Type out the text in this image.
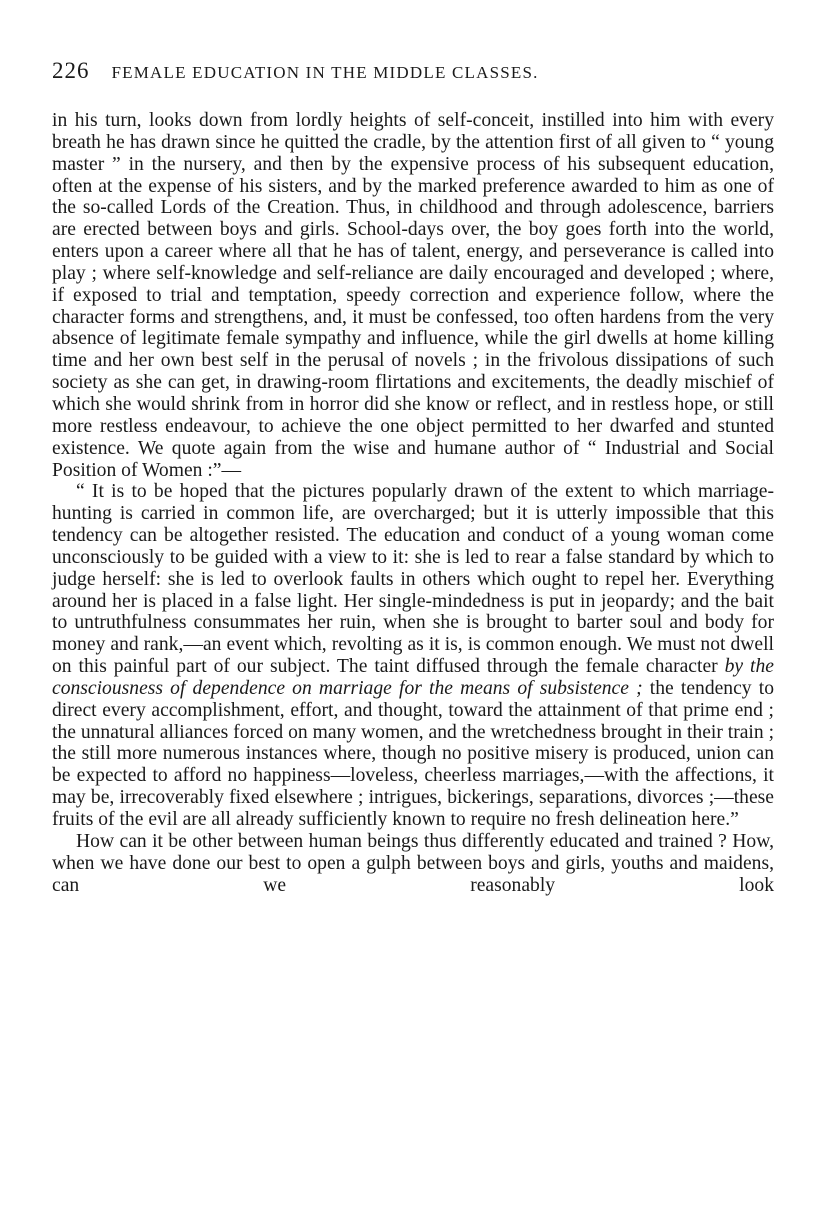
226 FEMALE EDUCATION IN THE MIDDLE CLASSES.

in his turn, looks down from lordly heights of self-conceit, instilled into him with every breath he has drawn since he quitted the cradle, by the attention first of all given to “ young master ” in the nursery, and then by the expensive process of his subsequent education, often at the expense of his sisters, and by the marked preference awarded to him as one of the so-called Lords of the Creation. Thus, in childhood and through adolescence, barriers are erected between boys and girls. School-days over, the boy goes forth into the world, enters upon a career where all that he has of talent, energy, and perseverance is called into play ; where self-knowledge and self-reliance are daily encouraged and developed ; where, if exposed to trial and temptation, speedy correction and experience follow, where the character forms and strengthens, and, it must be confessed, too often hardens from the very absence of legitimate female sympathy and influence, while the girl dwells at home killing time and her own best self in the perusal of novels ; in the frivolous dissipations of such society as she can get, in drawing-room flirtations and excitements, the deadly mischief of which she would shrink from in horror did she know or reflect, and in restless hope, or still more restless endeavour, to achieve the one object permitted to her dwarfed and stunted existence. We quote again from the wise and humane author of “ Industrial and Social Position of Women :”—

“ It is to be hoped that the pictures popularly drawn of the extent to which marriage-hunting is carried in common life, are overcharged; but it is utterly impossible that this tendency can be altogether resisted. The education and conduct of a young woman come unconsciously to be guided with a view to it: she is led to rear a false standard by which to judge herself: she is led to overlook faults in others which ought to repel her. Everything around her is placed in a false light. Her single-mindedness is put in jeopardy; and the bait to untruthfulness consummates her ruin, when she is brought to barter soul and body for money and rank,—an event which, revolting as it is, is common enough. We must not dwell on this painful part of our subject. The taint diffused through the female character by the consciousness of dependence on marriage for the means of subsistence ; the tendency to direct every accomplishment, effort, and thought, toward the attainment of that prime end ; the unnatural alliances forced on many women, and the wretchedness brought in their train ; the still more numerous instances where, though no positive misery is produced, union can be expected to afford no happiness—loveless, cheerless marriages,—with the affections, it may be, irrecoverably fixed elsewhere ; intrigues, bickerings, separations, divorces ;—these fruits of the evil are all already sufficiently known to require no fresh delineation here.”

How can it be other between human beings thus differently educated and trained ? How, when we have done our best to open a gulph between boys and girls, youths and maidens, can we reasonably look
